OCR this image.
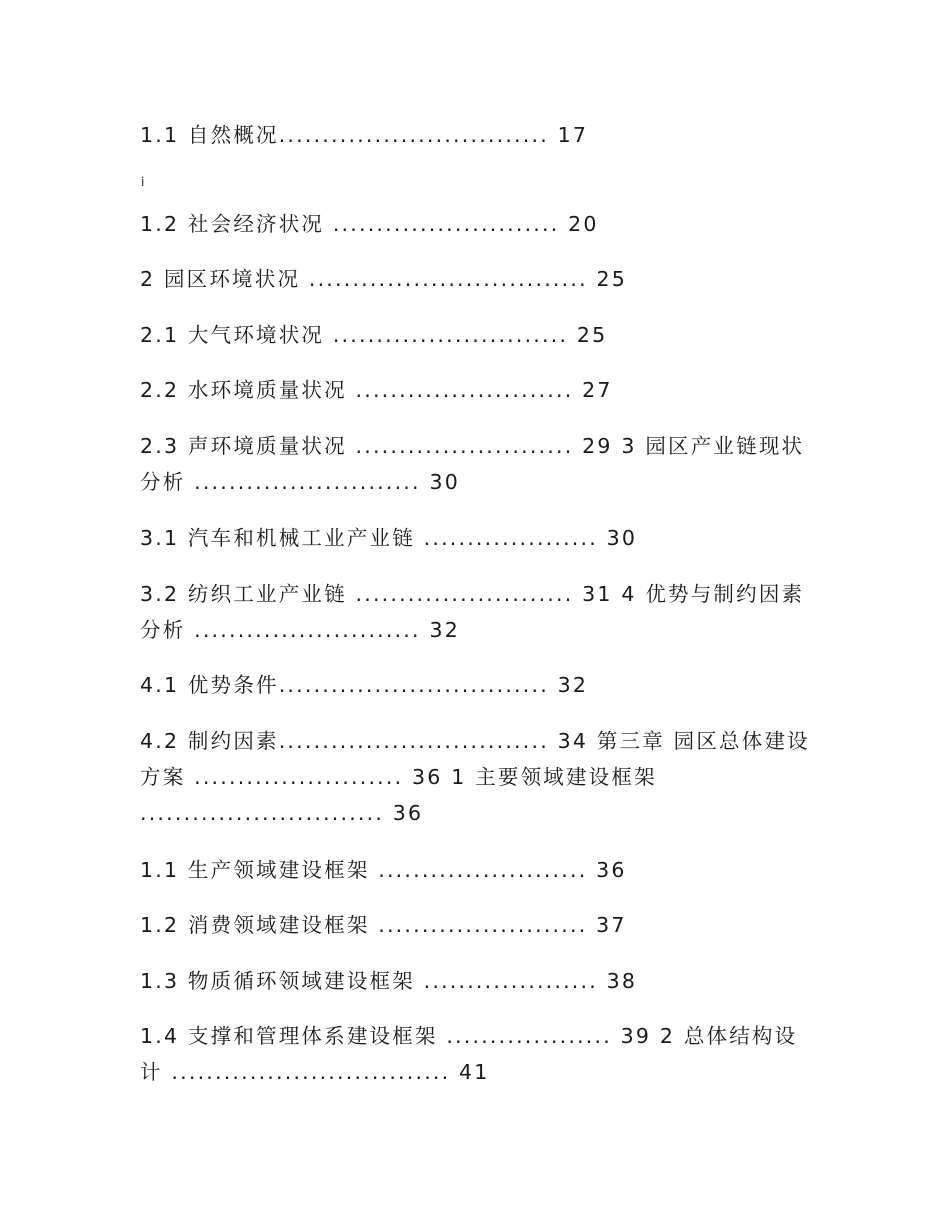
1.1 自然概况............................... 17
i
1.2 社会经济状况 .......................... 20
2 园区环境状况 ................................ 25
2.1 大气环境状况 ........................... 25
2.2 水环境质量状况 ......................... 27
2.3 声环境质量状况 ......................... 29 3 园区产业链现状分析 .......................... 30
3.1 汽车和机械工业产业链 .................... 30
3.2 纺织工业产业链 ......................... 31 4 优势与制约因素分析 .......................... 32
4.1 优势条件............................... 32
4.2 制约因素............................... 34 第三章 园区总体建设方案 ........................ 36 1 主要领域建设框架 ............................ 36
1.1 生产领域建设框架 ........................ 36
1.2 消费领域建设框架 ........................ 37
1.3 物质循环领域建设框架 .................... 38
1.4 支撑和管理体系建设框架 ................... 39 2 总体结构设计 ................................ 41
